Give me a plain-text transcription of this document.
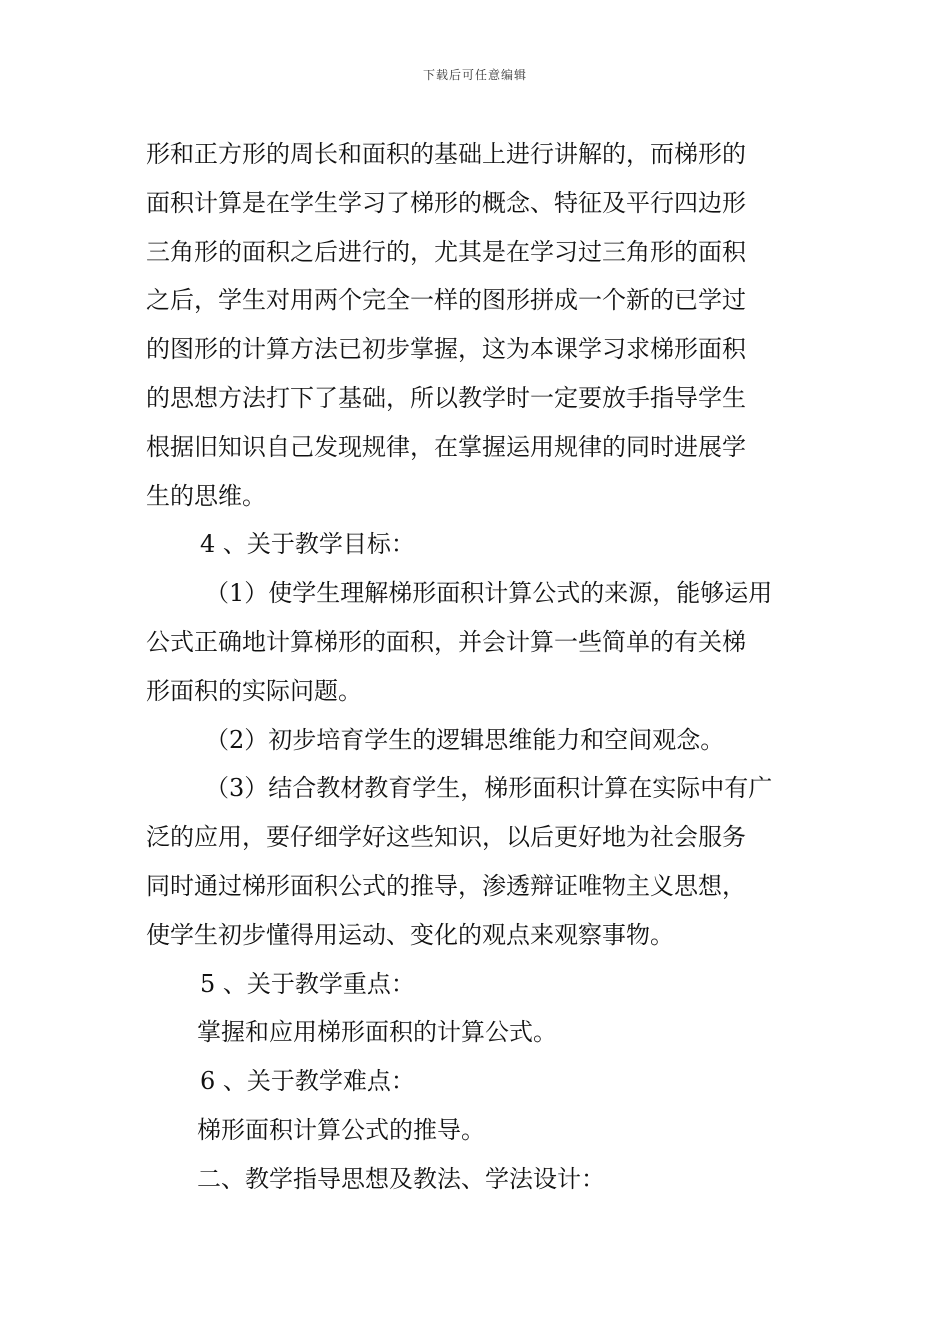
下载后可任意编辑
形和正方形的周长和面积的基础上进行讲解的，而梯形的
面积计算是在学生学习了梯形的概念、特征及平行四边形
三角形的面积之后进行的，尤其是在学习过三角形的面积
之后，学生对用两个完全一样的图形拼成一个新的已学过
的图形的计算方法已初步掌握，这为本课学习求梯形面积
的思想方法打下了基础，所以教学时一定要放手指导学生
根据旧知识自己发现规律，在掌握运用规律的同时进展学
生的思维。
4 、关于教学目标：
（1）使学生理解梯形面积计算公式的来源，能够运用
公式正确地计算梯形的面积，并会计算一些简单的有关梯
形面积的实际问题。
（2）初步培育学生的逻辑思维能力和空间观念。
（3）结合教材教育学生，梯形面积计算在实际中有广
泛的应用，要仔细学好这些知识，以后更好地为社会服务
同时通过梯形面积公式的推导，渗透辩证唯物主义思想，
使学生初步懂得用运动、变化的观点来观察事物。
5 、关于教学重点：
掌握和应用梯形面积的计算公式。
6 、关于教学难点：
梯形面积计算公式的推导。
二、教学指导思想及教法、学法设计：
